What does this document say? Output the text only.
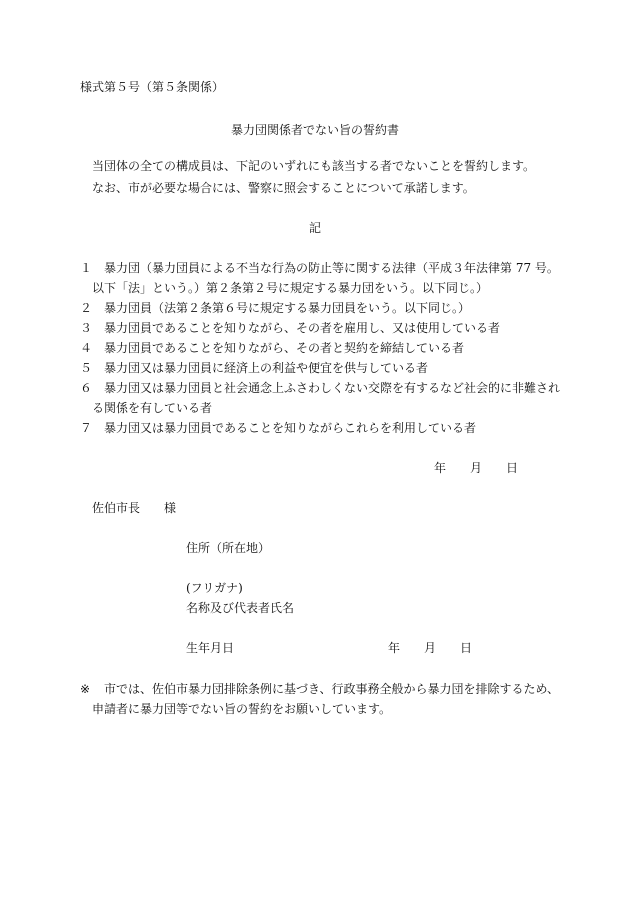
様式第５号（第５条関係）
暴力団関係者でない旨の誓約書
当団体の全ての構成員は、下記のいずれにも該当する者でないことを誓約します。
なお、市が必要な場合には、警察に照会することについて承諾します。
記
１ 暴力団（暴力団員による不当な行為の防止等に関する法律（平成３年法律第 77 号。
以下「法」という。）第２条第２号に規定する暴力団をいう。以下同じ。）
２ 暴力団員（法第２条第６号に規定する暴力団員をいう。以下同じ。）
３ 暴力団員であることを知りながら、その者を雇用し、又は使用している者
４ 暴力団員であることを知りながら、その者と契約を締結している者
５ 暴力団又は暴力団員に経済上の利益や便宜を供与している者
６ 暴力団又は暴力団員と社会通念上ふさわしくない交際を有するなど社会的に非難され
る関係を有している者
７ 暴力団又は暴力団員であることを知りながらこれらを利用している者
年 月 日
佐伯市長 様
住所（所在地）
(フリガナ)
名称及び代表者氏名
生年月日	年 月 日
※ 市では、佐伯市暴力団排除条例に基づき、行政事務全般から暴力団を排除するため、
申請者に暴力団等でない旨の誓約をお願いしています。
